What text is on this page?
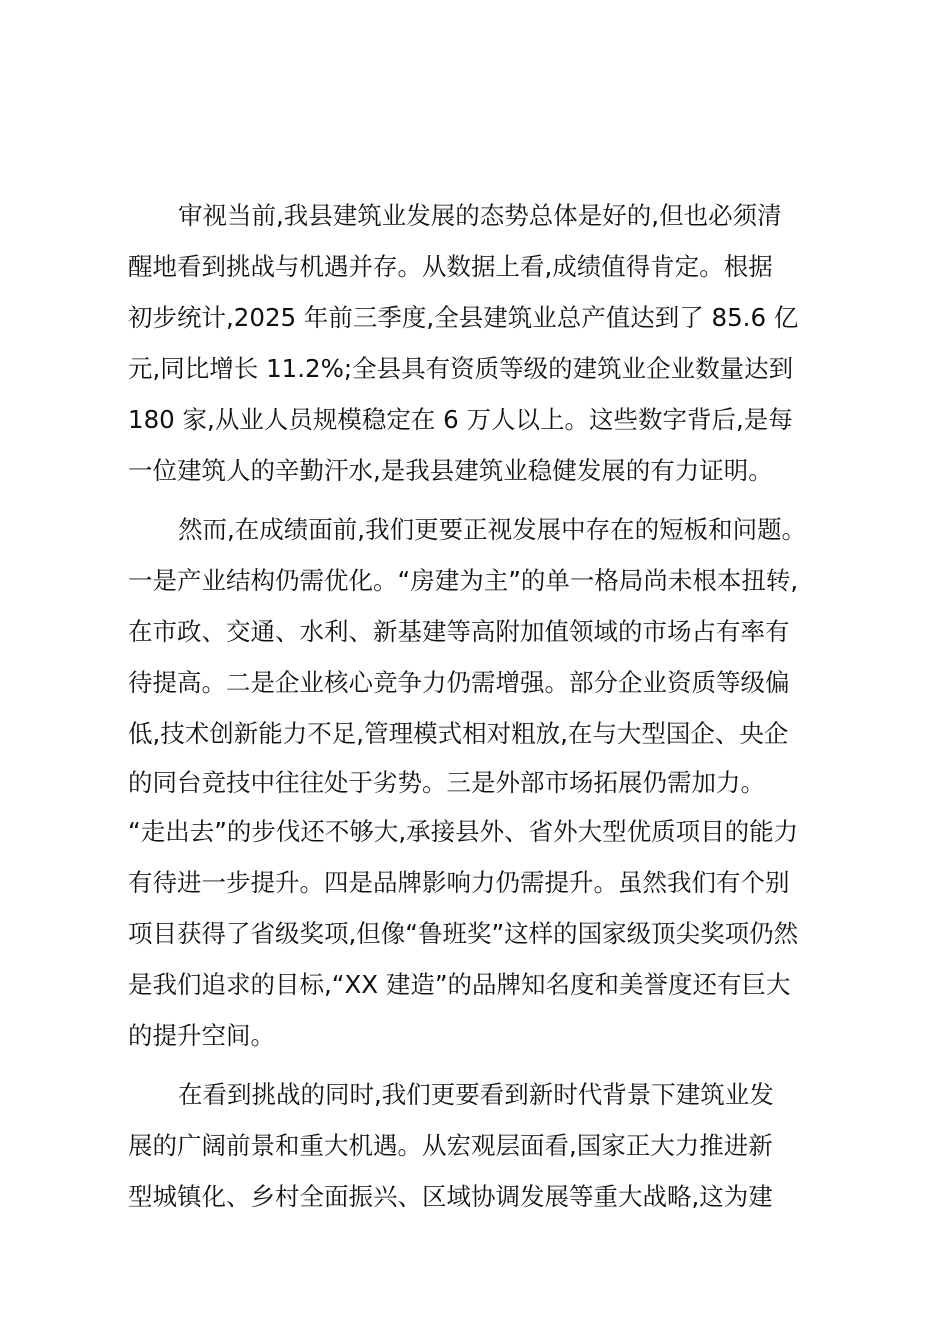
审视当前,我县建筑业发展的态势总体是好的,但也必须清
醒地看到挑战与机遇并存。从数据上看,成绩值得肯定。根据
初步统计,2025 年前三季度,全县建筑业总产值达到了 85.6 亿
元,同比增长 11.2%;全县具有资质等级的建筑业企业数量达到
180 家,从业人员规模稳定在 6 万人以上。这些数字背后,是每
一位建筑人的辛勤汗水,是我县建筑业稳健发展的有力证明。
然而,在成绩面前,我们更要正视发展中存在的短板和问题。
一是产业结构仍需优化。“房建为主”的单一格局尚未根本扭转,
在市政、交通、水利、新基建等高附加值领域的市场占有率有
待提高。二是企业核心竞争力仍需增强。部分企业资质等级偏
低,技术创新能力不足,管理模式相对粗放,在与大型国企、央企
的同台竞技中往往处于劣势。三是外部市场拓展仍需加力。
“走出去”的步伐还不够大,承接县外、省外大型优质项目的能力
有待进一步提升。四是品牌影响力仍需提升。虽然我们有个别
项目获得了省级奖项,但像“鲁班奖”这样的国家级顶尖奖项仍然
是我们追求的目标,“XX 建造”的品牌知名度和美誉度还有巨大
的提升空间。
在看到挑战的同时,我们更要看到新时代背景下建筑业发
展的广阔前景和重大机遇。从宏观层面看,国家正大力推进新
型城镇化、乡村全面振兴、区域协调发展等重大战略,这为建
